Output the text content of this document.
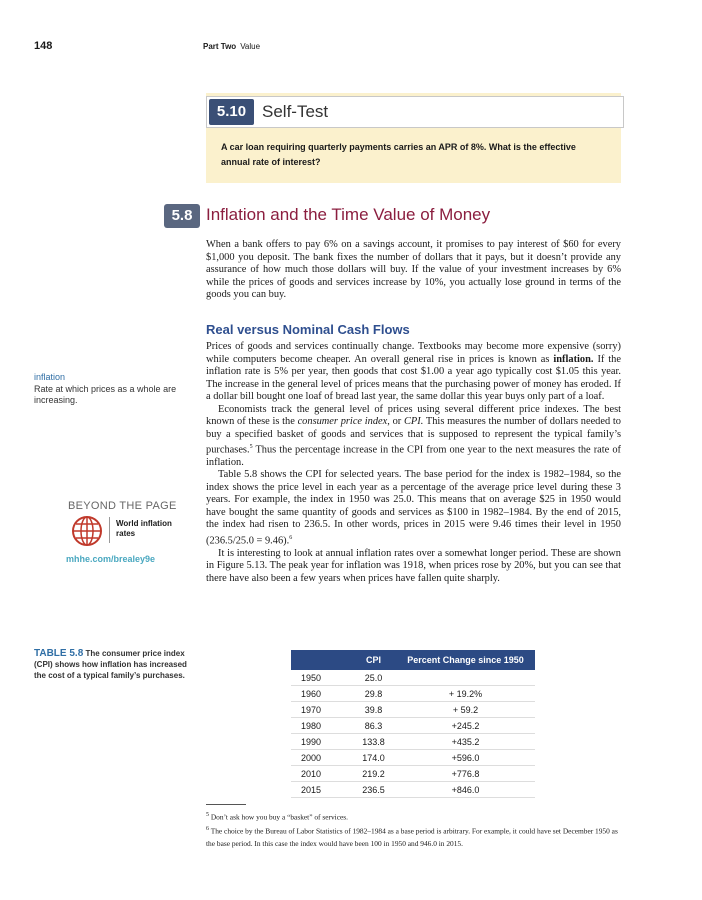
148	Part Two Value
5.10 Self-Test
A car loan requiring quarterly payments carries an APR of 8%. What is the effective annual rate of interest?
5.8 Inflation and the Time Value of Money
When a bank offers to pay 6% on a savings account, it promises to pay interest of $60 for every $1,000 you deposit. The bank fixes the number of dollars that it pays, but it doesn’t provide any assurance of how much those dollars will buy. If the value of your investment increases by 6% while the prices of goods and services increase by 10%, you actually lose ground in terms of the goods you can buy.
Real versus Nominal Cash Flows

Prices of goods and services continually change. Textbooks may become more expensive (sorry) while computers become cheaper. An overall general rise in prices is known as inflation. If the inflation rate is 5% per year, then goods that cost $1.00 a year ago typically cost $1.05 this year. The increase in the general level of prices means that the purchasing power of money has eroded. If a dollar bill bought one loaf of bread last year, the same dollar this year buys only part of a loaf.

Economists track the general level of prices using several different price indexes. The best known of these is the consumer price index, or CPI. This measures the number of dollars needed to buy a specified basket of goods and services that is supposed to represent the typical family’s purchases.$^5$ Thus the percentage increase in the CPI from one year to the next measures the rate of inflation.

Table 5.8 shows the CPI for selected years. The base period for the index is 1982–1984, so the index shows the price level in each year as a percentage of the average price level during these 3 years. For example, the index in 1950 was 25.0. This means that on average $25 in 1950 would have bought the same quantity of goods and services as $100 in 1982–1984. By the end of 2015, the index had risen to 236.5. In other words, prices in 2015 were 9.46 times their level in 1950 (236.5/25.0 = 9.46).$^6$

It is interesting to look at annual inflation rates over a somewhat longer period. These are shown in Figure 5.13. The peak year for inflation was 1918, when prices rose by 20%, but you can see that there have also been a few years when prices have fallen quite sharply.

inflation
Rate at which prices as a whole are increasing.
BEYOND THE PAGE
World inflation rates
mhhe.com/brealey9e
TABLE 5.8 The consumer price index (CPI) shows how inflation has increased the cost of a typical family’s purchases.
	CPI	Percent Change since 1950
1950	25.0	
1960	29.8	+ 19.2%
1970	39.8	+ 59.2
1980	86.3	+245.2
1990	133.8	+435.2
2000	174.0	+596.0
2010	219.2	+776.8
2015	236.5	+846.0

$^5$ Don’t ask how you buy a “basket” of services.

$^6$ The choice by the Bureau of Labor Statistics of 1982–1984 as a base period is arbitrary. For example, it could have set December 1950 as the base period. In this case the index would have been 100 in 1950 and 946.0 in 2015.
